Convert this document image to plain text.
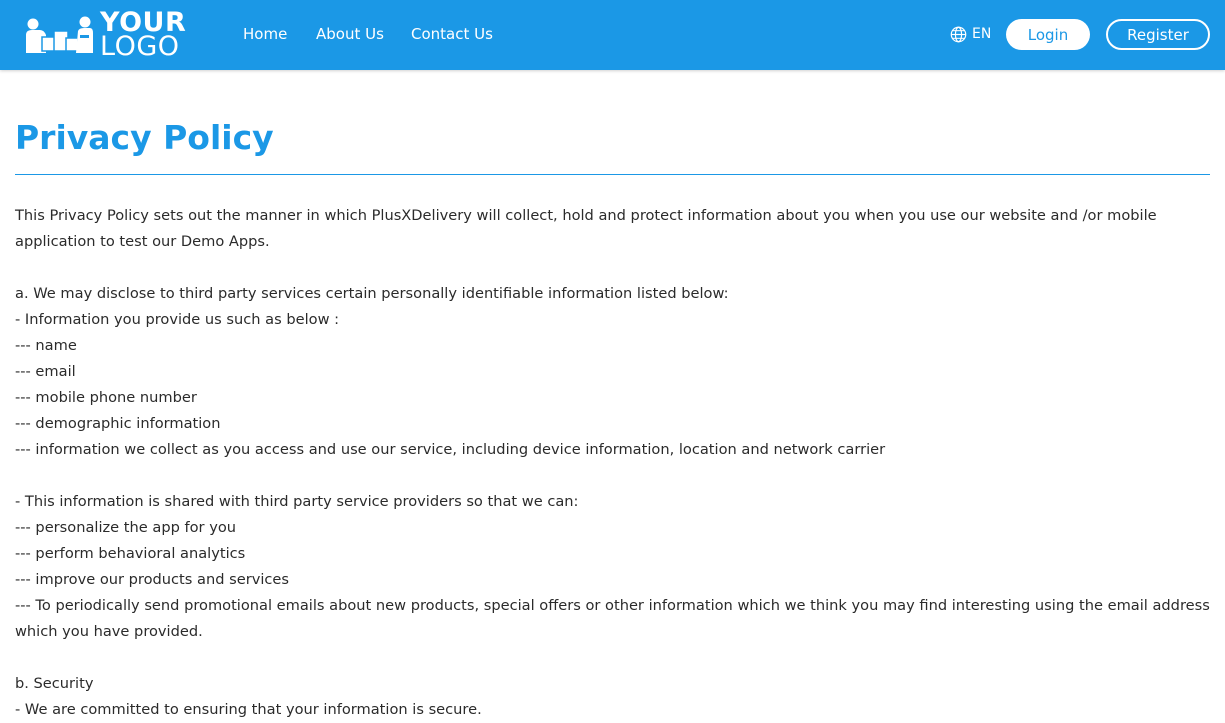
YOUR
LOGO	Home About Us Contact Us	EN	Login	Register
Privacy Policy

This Privacy Policy sets out the manner in which PlusXDelivery will collect, hold and protect information about you when you use our website and /or mobile application to test our Demo Apps.

a. We may disclose to third party services certain personally identifiable information listed below:

- Information you provide us such as below :

--- name

--- email

--- mobile phone number

--- demographic information

--- information we collect as you access and use our service, including device information, location and network carrier

- This information is shared with third party service providers so that we can:

--- personalize the app for you

--- perform behavioral analytics

--- improve our products and services

--- To periodically send promotional emails about new products, special offers or other information which we think you may find interesting using the email address which you have provided.

b. Security

- We are committed to ensuring that your information is secure.
